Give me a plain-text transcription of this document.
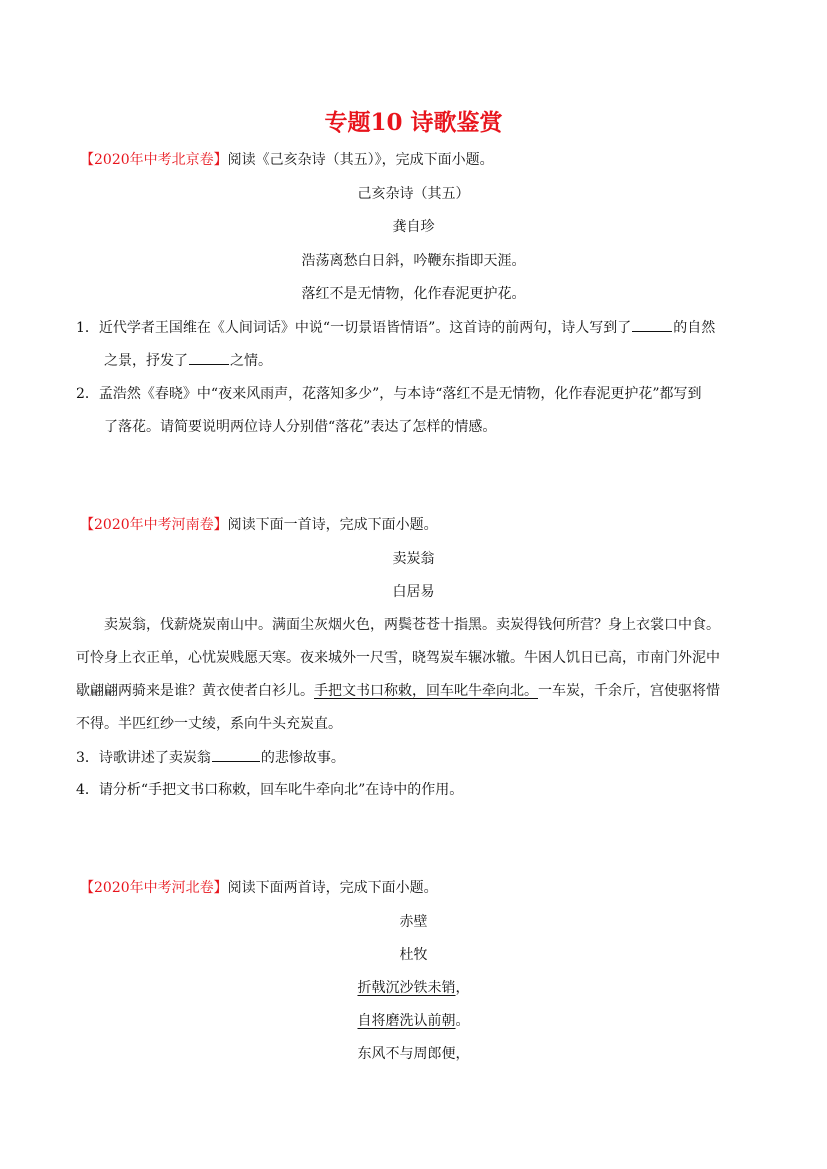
专题10 诗歌鉴赏
【2020年中考北京卷】阅读《己亥杂诗（其五）》，完成下面小题。
己亥杂诗（其五）
龚自珍
浩荡离愁白日斜，吟鞭东指即天涯。
落红不是无情物，化作春泥更护花。
1．近代学者王国维在《人间词话》中说“一切景语皆情语”。这首诗的前两句，诗人写到了	的自然
之景，抒发了	之情。
2．孟浩然《春晓》中“夜来风雨声，花落知多少”，与本诗“落红不是无情物，化作春泥更护花”都写到
了落花。请简要说明两位诗人分别借“落花”表达了怎样的情感。
【2020年中考河南卷】阅读下面一首诗，完成下面小题。
卖炭翁
白居易
卖炭翁，伐薪烧炭南山中。满面尘灰烟火色，两鬓苍苍十指黑。卖炭得钱何所营？身上衣裳口中食。
可怜身上衣正单，心忧炭贱愿天寒。夜来城外一尺雪，晓驾炭车辗冰辙。牛困人饥日已高，市南门外泥中
歇翩翩两骑来是谁？黄衣使者白衫儿。手把文书口称敕，回车叱牛牵向北。一车炭，千余斤，宫使驱将惜
不得。半匹红纱一丈绫，系向牛头充炭直。
3．诗歌讲述了卖炭翁	的悲惨故事。
4．请分析“手把文书口称敕，回车叱牛牵向北”在诗中的作用。
【2020年中考河北卷】阅读下面两首诗，完成下面小题。
赤壁
杜牧
折戟沉沙铁未销，
自将磨洗认前朝。
东风不与周郎便，
